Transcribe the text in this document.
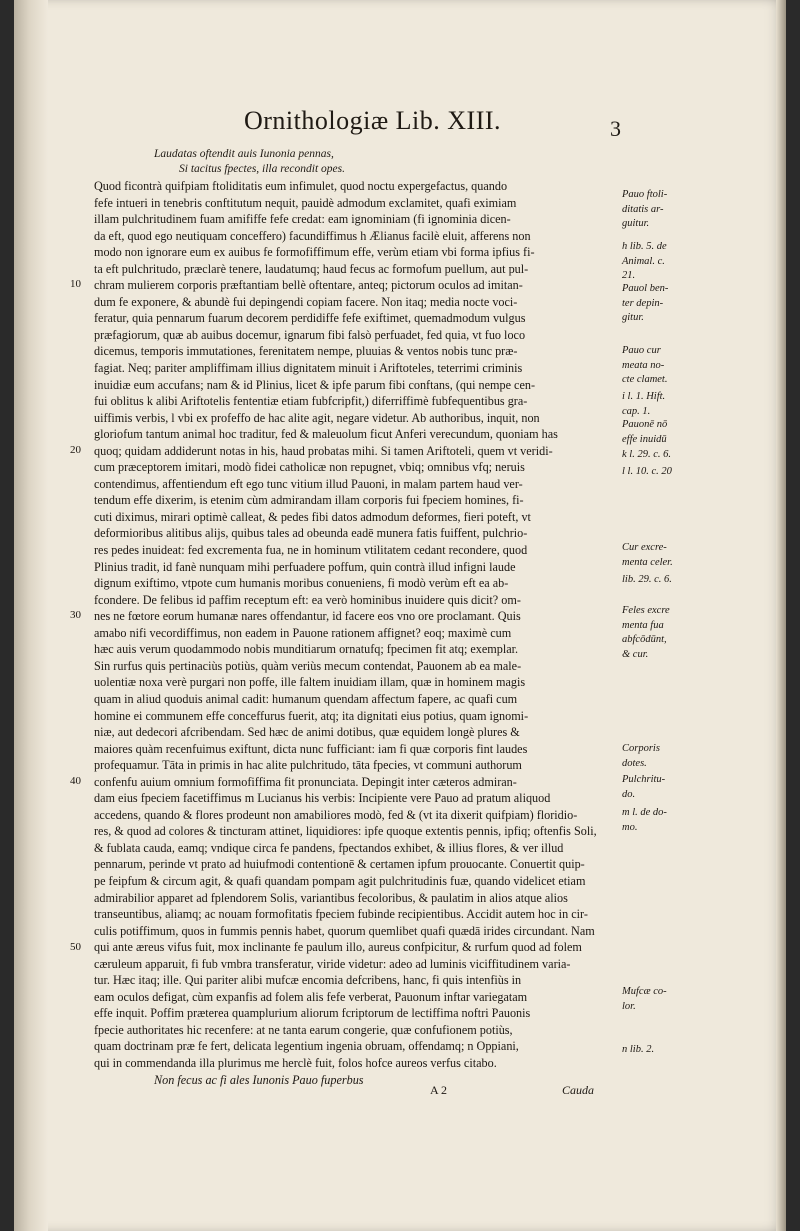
Ornithologiæ Lib. XIII.	3
Laudatas oftendit auis Iunonia pennas,
Si tacitus fpectes, illa recondit opes.
Quod ficontrà quifpiam ftoliditatis eum infimulet, quod noctu expergefactus, quando
fefe intueri in tenebris conftitutum nequit, pauidè admodum exclamitet, quafi eximiam
illam pulchritudinem fuam amififfe fefe credat: eam ignominiam (fi ignominia dicen-
da eft, quod ego neutiquam conceffero) facundiffimus h Ælianus facilè eluit, afferens non
modo non ignorare eum ex auibus fe formofiffimum effe, verùm etiam vbi forma ipfius fi-
ta eft pulchritudo, præclarè tenere, laudatumq; haud fecus ac formofum puellum, aut pul-
chram mulierem corporis præftantiam bellè oftentare, anteq; pictorum oculos ad imitan-
dum fe exponere, & abundè fui depingendi copiam facere. Non itaq; media nocte voci-
feratur, quia pennarum fuarum decorem perdidiffe fefe exiftimet, quemadmodum vulgus
præfagiorum, quæ ab auibus docemur, ignarum fibi falsò perfuadet, fed quia, vt fuo loco
dicemus, temporis immutationes, ferenitatem nempe, pluuias & ventos nobis tunc præ-
fagiat. Neq; pariter ampliffimam illius dignitatem minuit i Ariftoteles, teterrimi criminis
inuidiæ eum accufans; nam & id Plinius, licet & ipfe parum fibi conftans, (qui nempe cen-
fui oblitus k alibi Ariftotelis fententiæ etiam fubfcripfit,) diferriffimè fubfequentibus gra-
uiffimis verbis, l vbi ex profeffo de hac alite agit, negare videtur. Ab authoribus, inquit, non
gloriofum tantum animal hoc traditur, fed & maleuolum ficut Anferi verecundum, quoniam has
quoq; quidam addiderunt notas in his, haud probatas mihi. Si tamen Ariftoteli, quem vt veridi-
cum præceptorem imitari, modò fidei catholicæ non repugnet, vbiq; omnibus vfq; neruis
contendimus, affentiendum eft ego tunc vitium illud Pauoni, in malam partem haud ver-
tendum effe dixerim, is etenim cùm admirandam illam corporis fui fpeciem homines, fi-
cuti diximus, mirari optimè calleat, & pedes fibi datos admodum deformes, fieri poteft, vt
deformioribus alitibus alijs, quibus tales ad obeunda eadē munera fatis fuiffent, pulchrio-
res pedes inuideat: fed excrementa fua, ne in hominum vtilitatem cedant recondere, quod
Plinius tradit, id fanè nunquam mihi perfuadere poffum, quin contrà illud infigni laude
dignum exiftimo, vtpote cum humanis moribus conueniens, fi modò verùm eft ea ab-
fcondere. De felibus id paffim receptum eft: ea verò hominibus inuidere quis dicit? om-
nes ne fœtore eorum humanæ nares offendantur, id facere eos vno ore proclamant. Quis
amabo nifi vecordiffimus, non eadem in Pauone rationem affignet? eoq; maximè cum
hæc auis verum quodammodo nobis munditiarum ornatufq; fpecimen fit atq; exemplar.
Sin rurfus quis pertinaciùs potiùs, quàm veriùs mecum contendat, Pauonem ab ea male-
uolentiæ noxa verè purgari non poffe, ille faltem inuidiam illam, quæ in hominem magis
quam in aliud quoduis animal cadit: humanum quendam affectum fapere, ac quafi cum
homine ei communem effe conceffurus fuerit, atq; ita dignitati eius potius, quam ignomi-
niæ, aut dedecori afcribendam. Sed hæc de animi dotibus, quæ equidem longè plures &
maiores quàm recenfuimus exiftunt, dicta nunc fufficiant: iam fi quæ corporis fint laudes
profequamur. Tāta in primis in hac alite pulchritudo, tāta fpecies, vt communi authorum
confenfu auium omnium formofiffima fit pronunciata. Depingit inter cæteros admiran-
dam eius fpeciem facetiffimus m Lucianus his verbis: Incipiente vere Pauo ad pratum aliquod
accedens, quando & flores prodeunt non amabiliores modò, fed & (vt ita dixerit quifpiam) floridio-
res, & quod ad colores & tincturam attinet, liquidiores: ipfe quoque extentis pennis, ipfiq; oftenfis Soli,
& fublata cauda, eamq; vndique circa fe pandens, fpectandos exhibet, & illius flores, & ver illud
pennarum, perinde vt prato ad huiufmodi contentionē & certamen ipfum prouocante. Conuertit quip-
pe feipfum & circum agit, & quafi quandam pompam agit pulchritudinis fuæ, quando videlicet etiam
admirabilior apparet ad fplendorem Solis, variantibus fecoloribus, & paulatim in alios atque alios
transeuntibus, aliamq; ac nouam formofitatis fpeciem fubinde recipientibus. Accidit autem hoc in cir-
culis potiffimum, quos in fummis pennis habet, quorum quemlibet quafi quædā irides circundant. Nam
qui ante æreus vifus fuit, mox inclinante fe paulum illo, aureus confpicitur, & rurfum quod ad folem
cæruleum apparuit, fi fub vmbra transferatur, viride videtur: adeo ad luminis viciffitudinem varia-
tur. Hæc itaq; ille. Qui pariter alibi mufcæ encomia defcribens, hanc, fi quis intenfiùs in
eam oculos defigat, cùm expanfis ad folem alis fefe verberat, Pauonum inftar variegatam
effe inquit. Poffim præterea quamplurium aliorum fcriptorum de lectiffima noftri Pauonis
fpecie authoritates hic recenfere: at ne tanta earum congerie, quæ confufionem potiùs,
quam doctrinam præ fe fert, delicata legentium ingenia obruam, offendamq; n Oppiani,
qui in commendanda illa plurimus me herclè fuit, folos hofce aureos verfus citabo.
Non fecus ac fi ales Iunonis Pauo fuperbus
10
20
30
40
50
Pauo ftoli-
ditatis ar-
guitur.
h lib. 5. de
Animal. c.
21.
Pauol ben-
ter depin-
gitur.
Pauo cur
meata no-
cte clamet.
i l. 1. Hift.
cap. 1.
Pauonē nō
effe inuidū
k l. 29. c. 6.
l l. 10. c. 20
Cur excre-
menta celer.
lib. 29. c. 6.
Feles excre
menta fua
abfcōdūnt,
& cur.
Corporis
dotes.
Pulchritu-
do.
m l. de do-
mo.
Mufcæ co-
lor.
n lib. 2.
A 2	Cauda
